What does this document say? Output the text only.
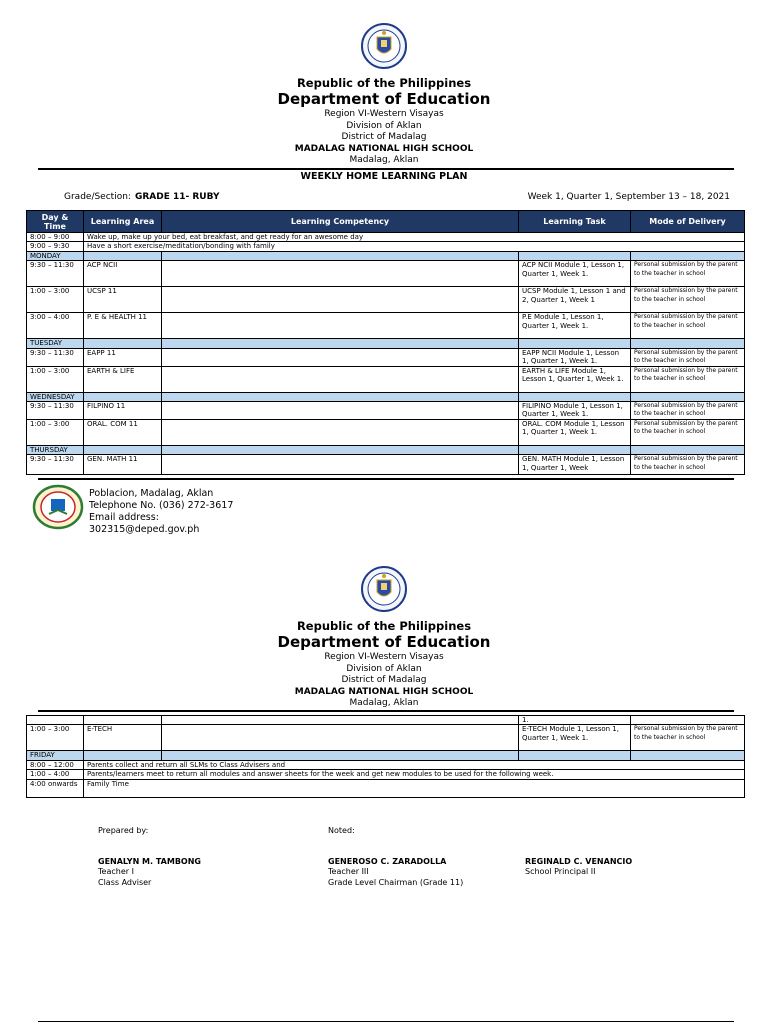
Republic of the Philippines
Department of Education
Region VI-Western Visayas
Division of Aklan
District of Madalag
MADALAG NATIONAL HIGH SCHOOL
Madalag, Aklan
WEEKLY HOME LEARNING PLAN
Grade/Section: GRADE 11- RUBY	Week 1, Quarter 1, September 13 – 18, 2021
Day & Time	Learning Area	Learning Competency	Learning Task	Mode of Delivery
8:00 – 9:00	Wake up, make up your bed, eat breakfast, and get ready for an awesome day			
9:00 – 9:30	Have a short exercise/meditation/bonding with family			
MONDAY				
9:30 – 11:30	ACP NCII		ACP NCII Module 1, Lesson 1, Quarter 1, Week 1.	Personal submission by the parent to the teacher in school
1:00 – 3:00	UCSP 11		UCSP Module 1, Lesson 1 and 2, Quarter 1, Week 1	Personal submission by the parent to the teacher in school
3:00 – 4:00	P. E & HEALTH 11		P.E Module 1, Lesson 1, Quarter 1, Week 1.	Personal submission by the parent to the teacher in school
TUESDAY				
9:30 – 11:30	EAPP 11		EAPP NCII Module 1, Lesson 1, Quarter 1, Week 1.	Personal submission by the parent to the teacher in school
1:00 – 3:00	EARTH & LIFE		EARTH & LIFE Module 1, Lesson 1, Quarter 1, Week 1.	Personal submission by the parent to the teacher in school
WEDNESDAY				
9:30 – 11:30	FILPINO 11		FILIPINO Module 1, Lesson 1, Quarter 1, Week 1.	Personal submission by the parent to the teacher in school
1:00 – 3:00	ORAL. COM 11		ORAL. COM Module 1, Lesson 1, Quarter 1, Week 1.	Personal submission by the parent to the teacher in school
THURSDAY				
9:30 – 11:30	GEN. MATH 11		GEN. MATH Module 1, Lesson 1, Quarter 1, Week	Personal submission by the parent to the teacher in school
Poblacion, Madalag, Aklan
Telephone No. (036) 272-3617
Email address:
302315@deped.gov.ph
Republic of the Philippines
Department of Education
Region VI-Western Visayas
Division of Aklan
District of Madalag
MADALAG NATIONAL HIGH SCHOOL
Madalag, Aklan
			1.	
1:00 – 3:00	E-TECH		E-TECH Module 1, Lesson 1, Quarter 1, Week 1.	Personal submission by the parent to the teacher in school
FRIDAY				
8:00 – 12:00	Parents collect and return all SLMs to Class Advisers and			
1:00 – 4:00	Parents/learners meet to return all modules and answer sheets for the week and get new modules to be used for the following week.			
4:00 onwards	Family Time			
Prepared by:	Noted:
GENALYN M. TAMBONG
Teacher I
Class Adviser
GENEROSO C. ZARADOLLA
Teacher III
Grade Level Chairman (Grade 11)
REGINALD C. VENANCIO
School Principal II
